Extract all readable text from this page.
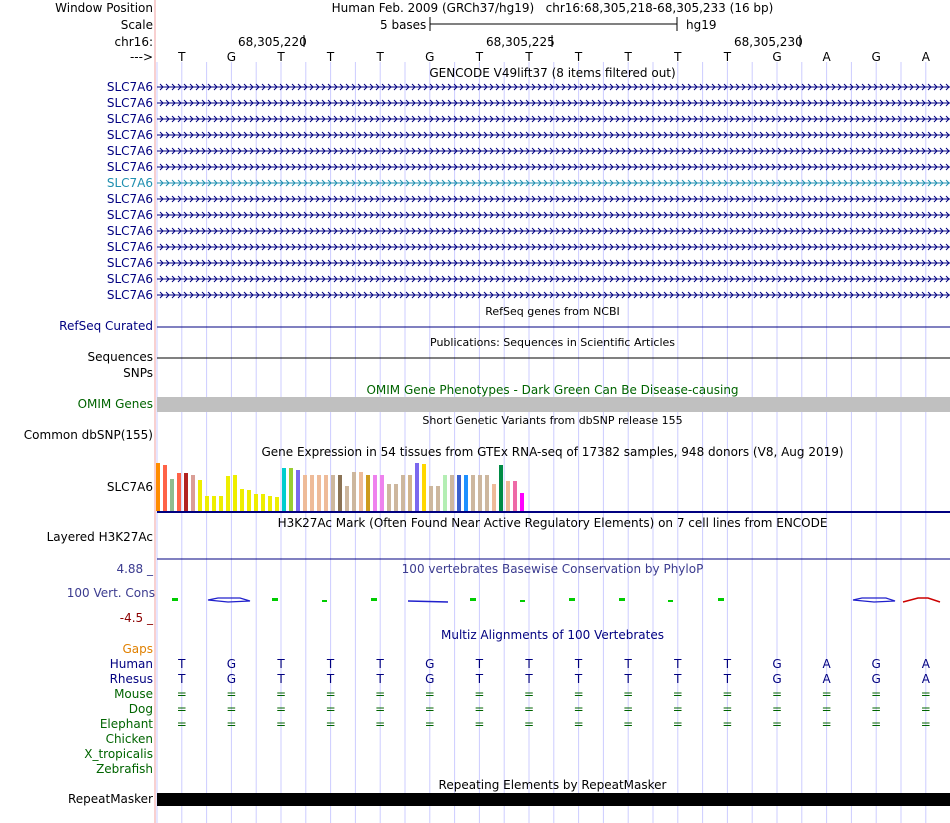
Window Position
Scale
chr16:
--->
Human Feb. 2009 (GRCh37/hg19) chr16:68,305,218-68,305,233 (16 bp)
5 bases	hg19
68,305,220	68,305,225	68,305,230
T	G	T	T	T	G	T	T	T	T	T	T	G	A	G	A
GENCODE V49lift37 (8 items filtered out)
SLC7A6
SLC7A6
SLC7A6
SLC7A6
SLC7A6
SLC7A6
SLC7A6
SLC7A6
SLC7A6
SLC7A6
SLC7A6
SLC7A6
SLC7A6
SLC7A6
RefSeq genes from NCBI
RefSeq Curated
Publications: Sequences in Scientific Articles
Sequences
SNPs
OMIM Gene Phenotypes - Dark Green Can Be Disease-causing
OMIM Genes
Short Genetic Variants from dbSNP release 155
Common dbSNP(155)
Gene Expression in 54 tissues from GTEx RNA-seq of 17382 samples, 948 donors (V8, Aug 2019)
SLC7A6
H3K27Ac Mark (Often Found Near Active Regulatory Elements) on 7 cell lines from ENCODE
Layered H3K27Ac
100 vertebrates Basewise Conservation by PhyloP
4.88 _
100 Vert. Cons
-4.5 _
Multiz Alignments of 100 Vertebrates
Gaps
Human	T	G	T	T	T	G	T	T	T	T	T	T	G	A	G	A
Rhesus	T	G	T	T	T	G	T	T	T	T	T	T	G	A	G	A
Mouse	=	=	=	=	=	=	=	=	=	=	=	=	=	=	=	=
Dog	=	=	=	=	=	=	=	=	=	=	=	=	=	=	=	=
Elephant	=	=	=	=	=	=	=	=	=	=	=	=	=	=	=	=
Chicken
X_tropicalis
Zebrafish
Repeating Elements by RepeatMasker
RepeatMasker
